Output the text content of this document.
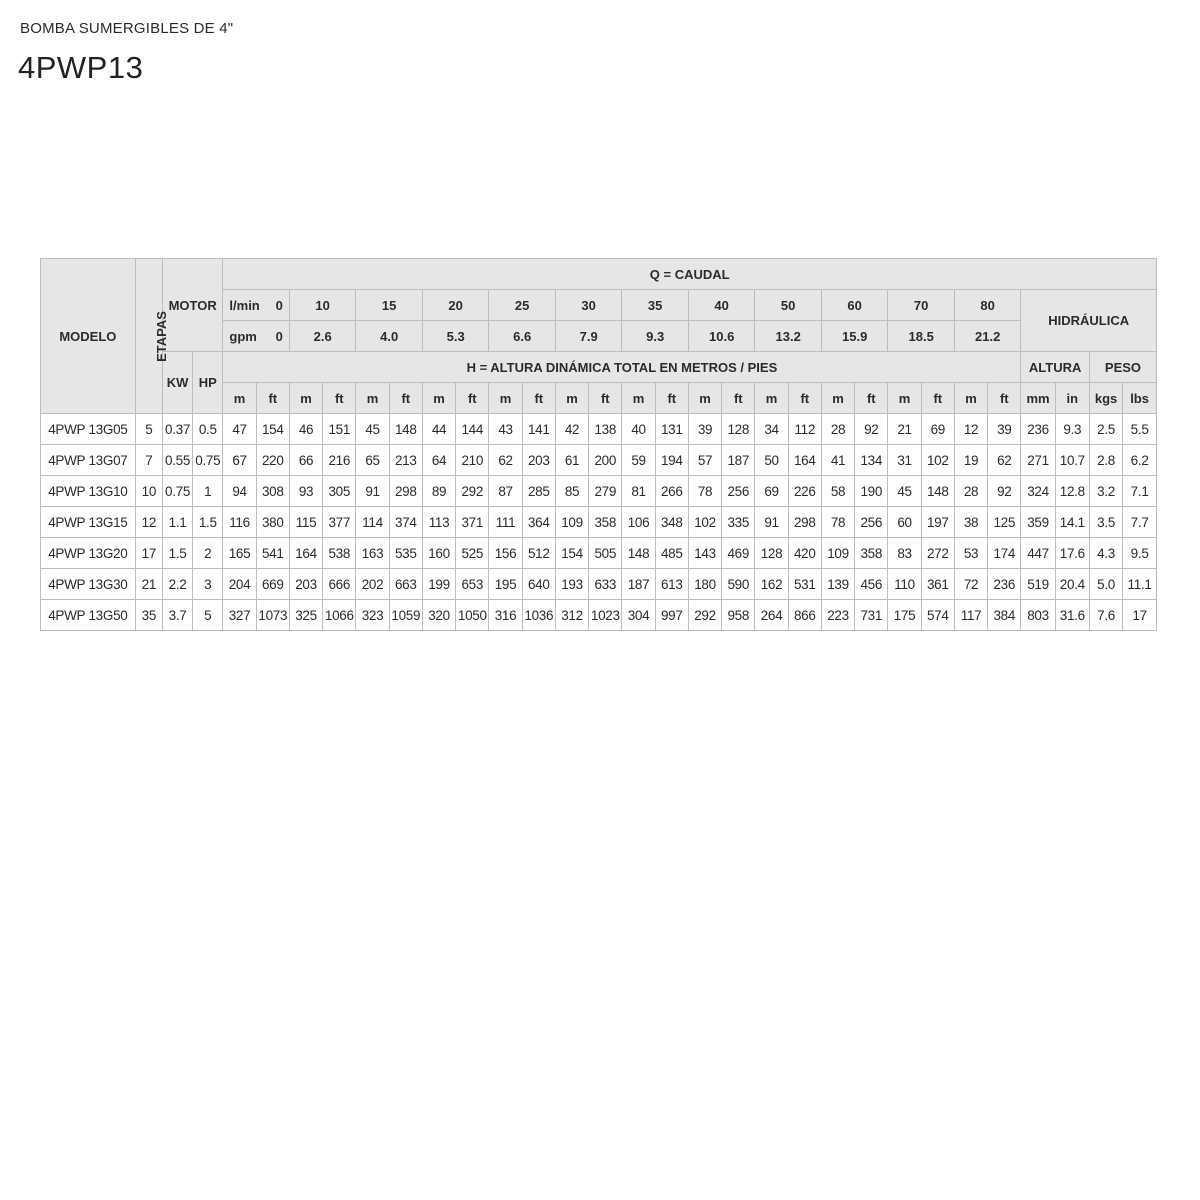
BOMBA SUMERGIBLES DE 4"
4PWP13
MODELO	ETAPAS	MOTOR		Q = CAUDAL																											

				l/min 0		10		15		20		25		30		35		40		50		60		70		80		HIDRÁULICA			

				gpm 0		2.6		4.0		5.3		6.6		7.9		9.3		10.6		13.2		15.9		18.5		21.2					
		KW	HP	H = ALTURA DINÁMICA TOTAL EN METROS / PIES																								ALTURA		PESO	
				m	ft	m	ft	m	ft	m	ft	m	ft	m	ft	m	ft	m	ft	m	ft	m	ft	m	ft	m	ft	mm	in	kgs	lbs
4PWP 13G05	5	0.37	0.5	47	154	46	151	45	148	44	144	43	141	42	138	40	131	39	128	34	112	28	92	21	69	12	39	236	9.3	2.5	5.5
4PWP 13G07	7	0.55	0.75	67	220	66	216	65	213	64	210	62	203	61	200	59	194	57	187	50	164	41	134	31	102	19	62	271	10.7	2.8	6.2
4PWP 13G10	10	0.75	1	94	308	93	305	91	298	89	292	87	285	85	279	81	266	78	256	69	226	58	190	45	148	28	92	324	12.8	3.2	7.1
4PWP 13G15	12	1.1	1.5	116	380	115	377	114	374	113	371	111	364	109	358	106	348	102	335	91	298	78	256	60	197	38	125	359	14.1	3.5	7.7
4PWP 13G20	17	1.5	2	165	541	164	538	163	535	160	525	156	512	154	505	148	485	143	469	128	420	109	358	83	272	53	174	447	17.6	4.3	9.5
4PWP 13G30	21	2.2	3	204	669	203	666	202	663	199	653	195	640	193	633	187	613	180	590	162	531	139	456	110	361	72	236	519	20.4	5.0	11.1
4PWP 13G50	35	3.7	5	327	1073	325	1066	323	1059	320	1050	316	1036	312	1023	304	997	292	958	264	866	223	731	175	574	117	384	803	31.6	7.6	17
